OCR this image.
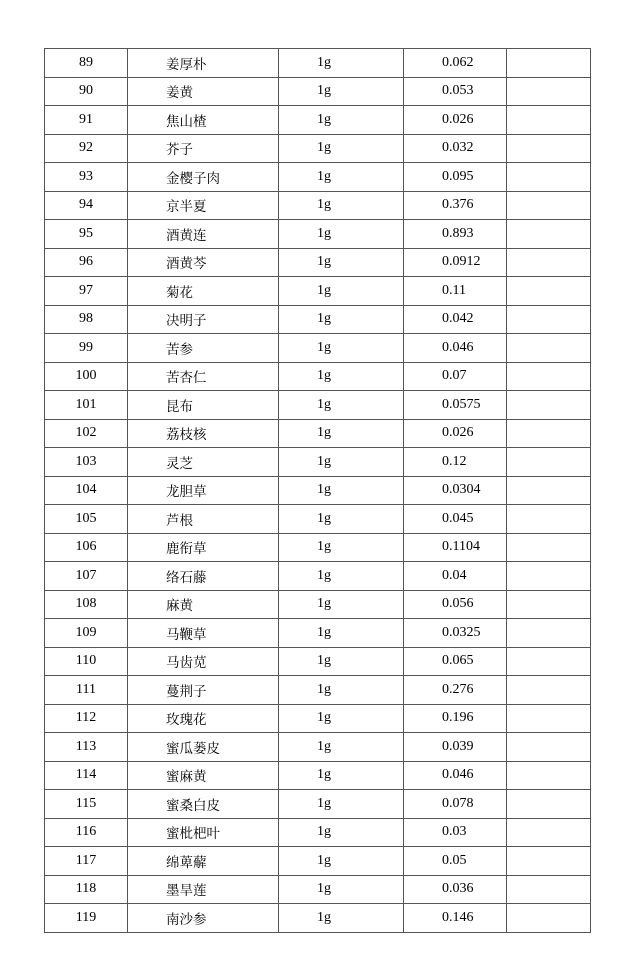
89	姜厚朴	1g	0.062	
90	姜黄	1g	0.053	
91	焦山楂	1g	0.026	
92	芥子	1g	0.032	
93	金樱子肉	1g	0.095	
94	京半夏	1g	0.376	
95	酒黄连	1g	0.893	
96	酒黄芩	1g	0.0912	
97	菊花	1g	0.11	
98	决明子	1g	0.042	
99	苦参	1g	0.046	
100	苦杏仁	1g	0.07	
101	昆布	1g	0.0575	
102	荔枝核	1g	0.026	
103	灵芝	1g	0.12	
104	龙胆草	1g	0.0304	
105	芦根	1g	0.045	
106	鹿衔草	1g	0.1104	
107	络石藤	1g	0.04	
108	麻黄	1g	0.056	
109	马鞭草	1g	0.0325	
110	马齿苋	1g	0.065	
111	蔓荆子	1g	0.276	
112	玫瑰花	1g	0.196	
113	蜜瓜蒌皮	1g	0.039	
114	蜜麻黄	1g	0.046	
115	蜜桑白皮	1g	0.078	
116	蜜枇杷叶	1g	0.03	
117	绵萆薢	1g	0.05	
118	墨旱莲	1g	0.036	
119	南沙参	1g	0.146	
